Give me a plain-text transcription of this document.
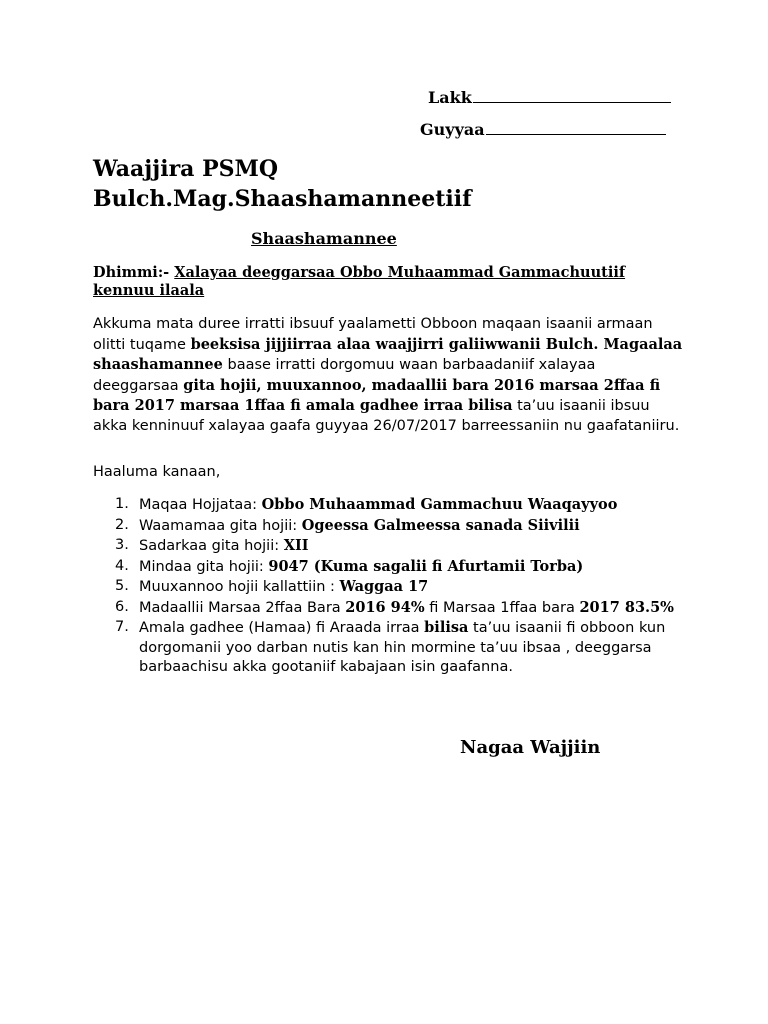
Lakk
Guyyaa
Waajjira PSMQ
Bulch.Mag.Shaashamanneetiif
Shaashamannee
Dhimmi:- Xalayaa deeggarsaa Obbo Muhaammad Gammachuutiif kennuu ilaala
Akkuma mata duree irratti ibsuuf yaalametti Obboon maqaan isaanii armaan olitti tuqame beeksisa jijjiirraa alaa waajjirri galiiwwanii Bulch. Magaalaa shaashamannee baase irratti dorgomuu waan barbaadaniif xalayaa deeggarsaa gita hojii, muuxannoo, madaallii bara 2016 marsaa 2ffaa fi bara 2017 marsaa 1ffaa fi amala gadhee irraa bilisa ta’uu isaanii ibsuu akka kenninuuf xalayaa gaafa guyyaa 26/07/2017 barreessaniin nu gaafataniiru.
Haaluma kanaan,
1. Maqaa Hojjataa: Obbo Muhaammad Gammachuu Waaqayyoo
2. Waamamaa gita hojii: Ogeessa Galmeessa sanada Siivilii
3. Sadarkaa gita hojii: XII
4. Mindaa gita hojii: 9047 (Kuma sagalii fi Afurtamii Torba)
5. Muuxannoo hojii kallattiin : Waggaa 17
6. Madaallii Marsaa 2ffaa Bara 2016 94% fi Marsaa 1ffaa bara 2017 83.5%
7. Amala gadhee (Hamaa) fi Araada irraa bilisa ta’uu isaanii fi obboon kun dorgomanii yoo darban nutis kan hin mormine ta’uu ibsaa , deeggarsa barbaachisu akka gootaniif kabajaan isin gaafanna.
Nagaa Wajjiin
